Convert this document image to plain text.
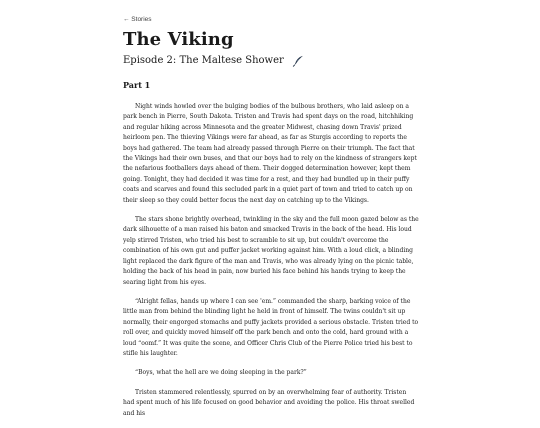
← Stories
The Viking
Episode 2: The Maltese Shower
Part 1

Night winds howled over the bulging bodies of the bulbous brothers, who laid asleep on a park bench in Pierre, South Dakota. Tristen and Travis had spent days on the road, hitchhiking and regular hiking across Minnesota and the greater Midwest, chasing down Travis' prized heirloom pen. The thieving Vikings were far ahead, as far as Sturgis according to reports the boys had gathered. The team had already passed through Pierre on their triumph. The fact that the Vikings had their own buses, and that our boys had to rely on the kindness of strangers kept the nefarious footballers days ahead of them. Their dogged determination however, kept them going. Tonight, they had decided it was time for a rest, and they had bundled up in their puffy coats and scarves and found this secluded park in a quiet part of town and tried to catch up on their sleep so they could better focus the next day on catching up to the Vikings.

The stars shone brightly overhead, twinkling in the sky and the full moon gazed below as the dark silhouette of a man raised his baton and smacked Travis in the back of the head. His loud yelp stirred Tristen, who tried his best to scramble to sit up, but couldn't overcome the combination of his own gut and puffer jacket working against him. With a loud click, a blinding light replaced the dark figure of the man and Travis, who was already lying on the picnic table, holding the back of his head in pain, now buried his face behind his hands trying to keep the searing light from his eyes.

“Alright fellas, hands up where I can see 'em.” commanded the sharp, barking voice of the little man from behind the blinding light he held in front of himself. The twins couldn't sit up normally, their engorged stomachs and puffy jackets provided a serious obstacle. Tristen tried to roll over, and quickly moved himself off the park bench and onto the cold, hard ground with a loud “oomf.” It was quite the scene, and Officer Chris Club of the Pierre Police tried his best to stifle his laughter.

“Boys, what the hell are we doing sleeping in the park?”

Tristen stammered relentlessly, spurred on by an overwhelming fear of authority. Tristen had spent much of his life focused on good behavior and avoiding the police. His throat swelled and his
